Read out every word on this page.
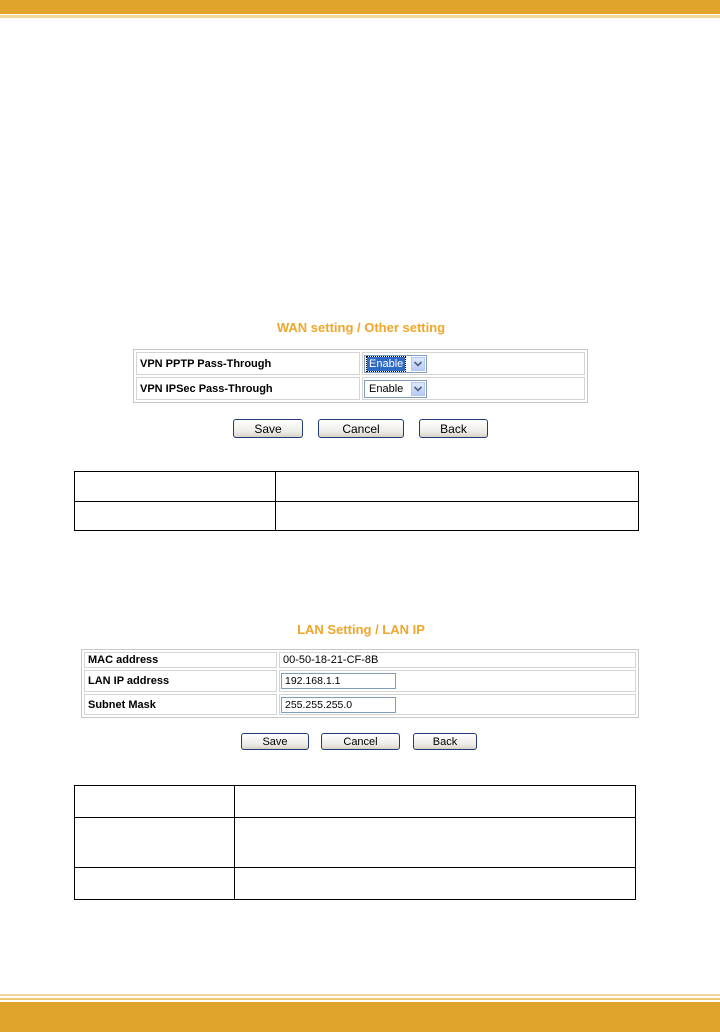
WAN setting / Other setting
VPN PPTP Pass-Through	Enable
VPN IPSec Pass-Through	Enable
Save	Cancel	Back

LAN Setting / LAN IP
MAC address	00-50-18-21-CF-8B
LAN IP address	192.168.1.1
Subnet Mask	255.255.255.0
Save	Cancel	Back
